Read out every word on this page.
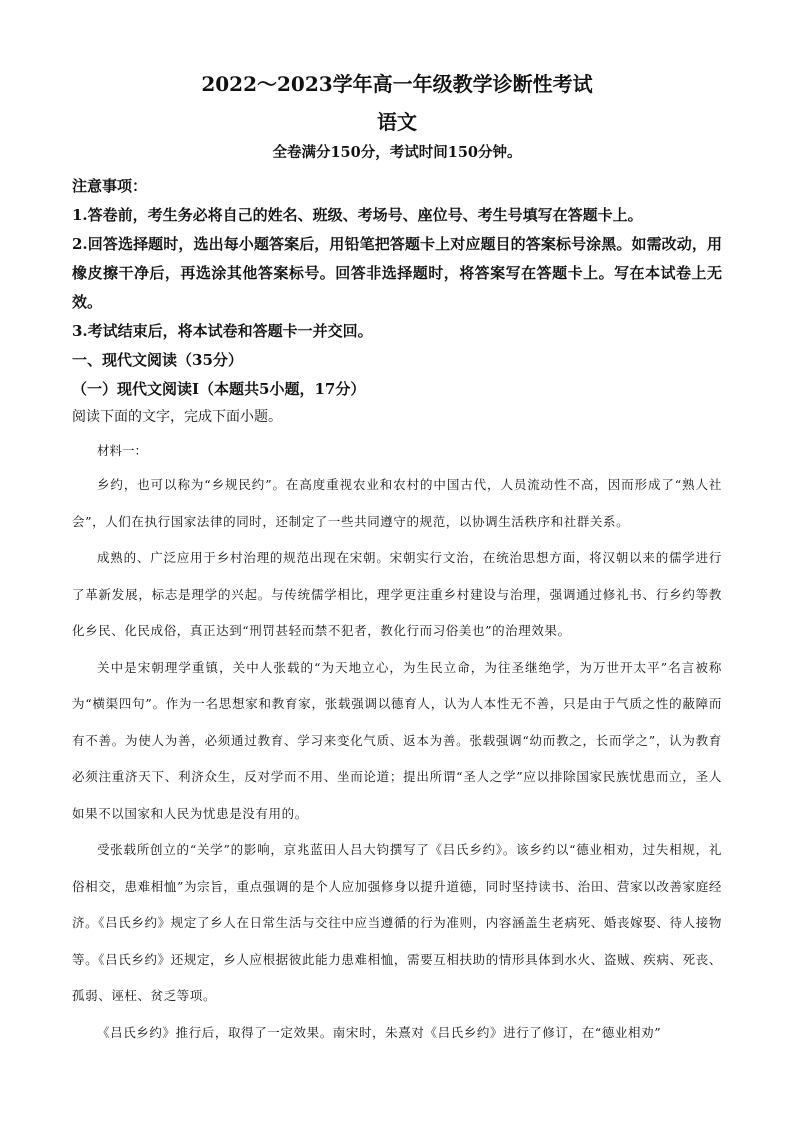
2022～2023学年高一年级教学诊断性考试
语文

全卷满分150分，考试时间150分钟。

注意事项：

1.答卷前，考生务必将自己的姓名、班级、考场号、座位号、考生号填写在答题卡上。

2.回答选择题时，选出每小题答案后，用铅笔把答题卡上对应题目的答案标号涂黑。如需改动，用橡皮擦干净后，再选涂其他答案标号。回答非选择题时，将答案写在答题卡上。写在本试卷上无效。

3.考试结束后，将本试卷和答题卡一并交回。

一、现代文阅读（35分）

（一）现代文阅读Ⅰ（本题共5小题，17分）

阅读下面的文字，完成下面小题。

材料一：

乡约，也可以称为“乡规民约”。在高度重视农业和农村的中国古代，人员流动性不高，因而形成了“熟人社会”，人们在执行国家法律的同时，还制定了一些共同遵守的规范，以协调生活秩序和社群关系。

成熟的、广泛应用于乡村治理的规范出现在宋朝。宋朝实行文治，在统治思想方面，将汉朝以来的儒学进行了革新发展，标志是理学的兴起。与传统儒学相比，理学更注重乡村建设与治理，强调通过修礼书、行乡约等教化乡民、化民成俗，真正达到“刑罚甚轻而禁不犯者，教化行而习俗美也”的治理效果。

关中是宋朝理学重镇，关中人张载的“为天地立心，为生民立命，为往圣继绝学，为万世开太平”名言被称为“横渠四句”。作为一名思想家和教育家，张载强调以德育人，认为人本性无不善，只是由于气质之性的蔽障而有不善。为使人为善，必须通过教育、学习来变化气质、返本为善。张载强调“幼而教之，长而学之”，认为教育必须注重济天下、利济众生，反对学而不用、坐而论道；提出所谓“圣人之学”应以排除国家民族忧患而立，圣人如果不以国家和人民为忧患是没有用的。

受张载所创立的“关学”的影响，京兆蓝田人吕大钧撰写了《吕氏乡约》。该乡约以“德业相劝，过失相规，礼俗相交，患难相恤”为宗旨，重点强调的是个人应加强修身以提升道德，同时坚持读书、治田、营家以改善家庭经济。《吕氏乡约》规定了乡人在日常生活与交往中应当遵循的行为准则，内容涵盖生老病死、婚丧嫁娶、待人接物等。《吕氏乡约》还规定，乡人应根据彼此能力患难相恤，需要互相扶助的情形具体到水火、盗贼、疾病、死丧、孤弱、诬枉、贫乏等项。

《吕氏乡约》推行后，取得了一定效果。南宋时，朱熹对《吕氏乡约》进行了修订，在“德业相劝”
